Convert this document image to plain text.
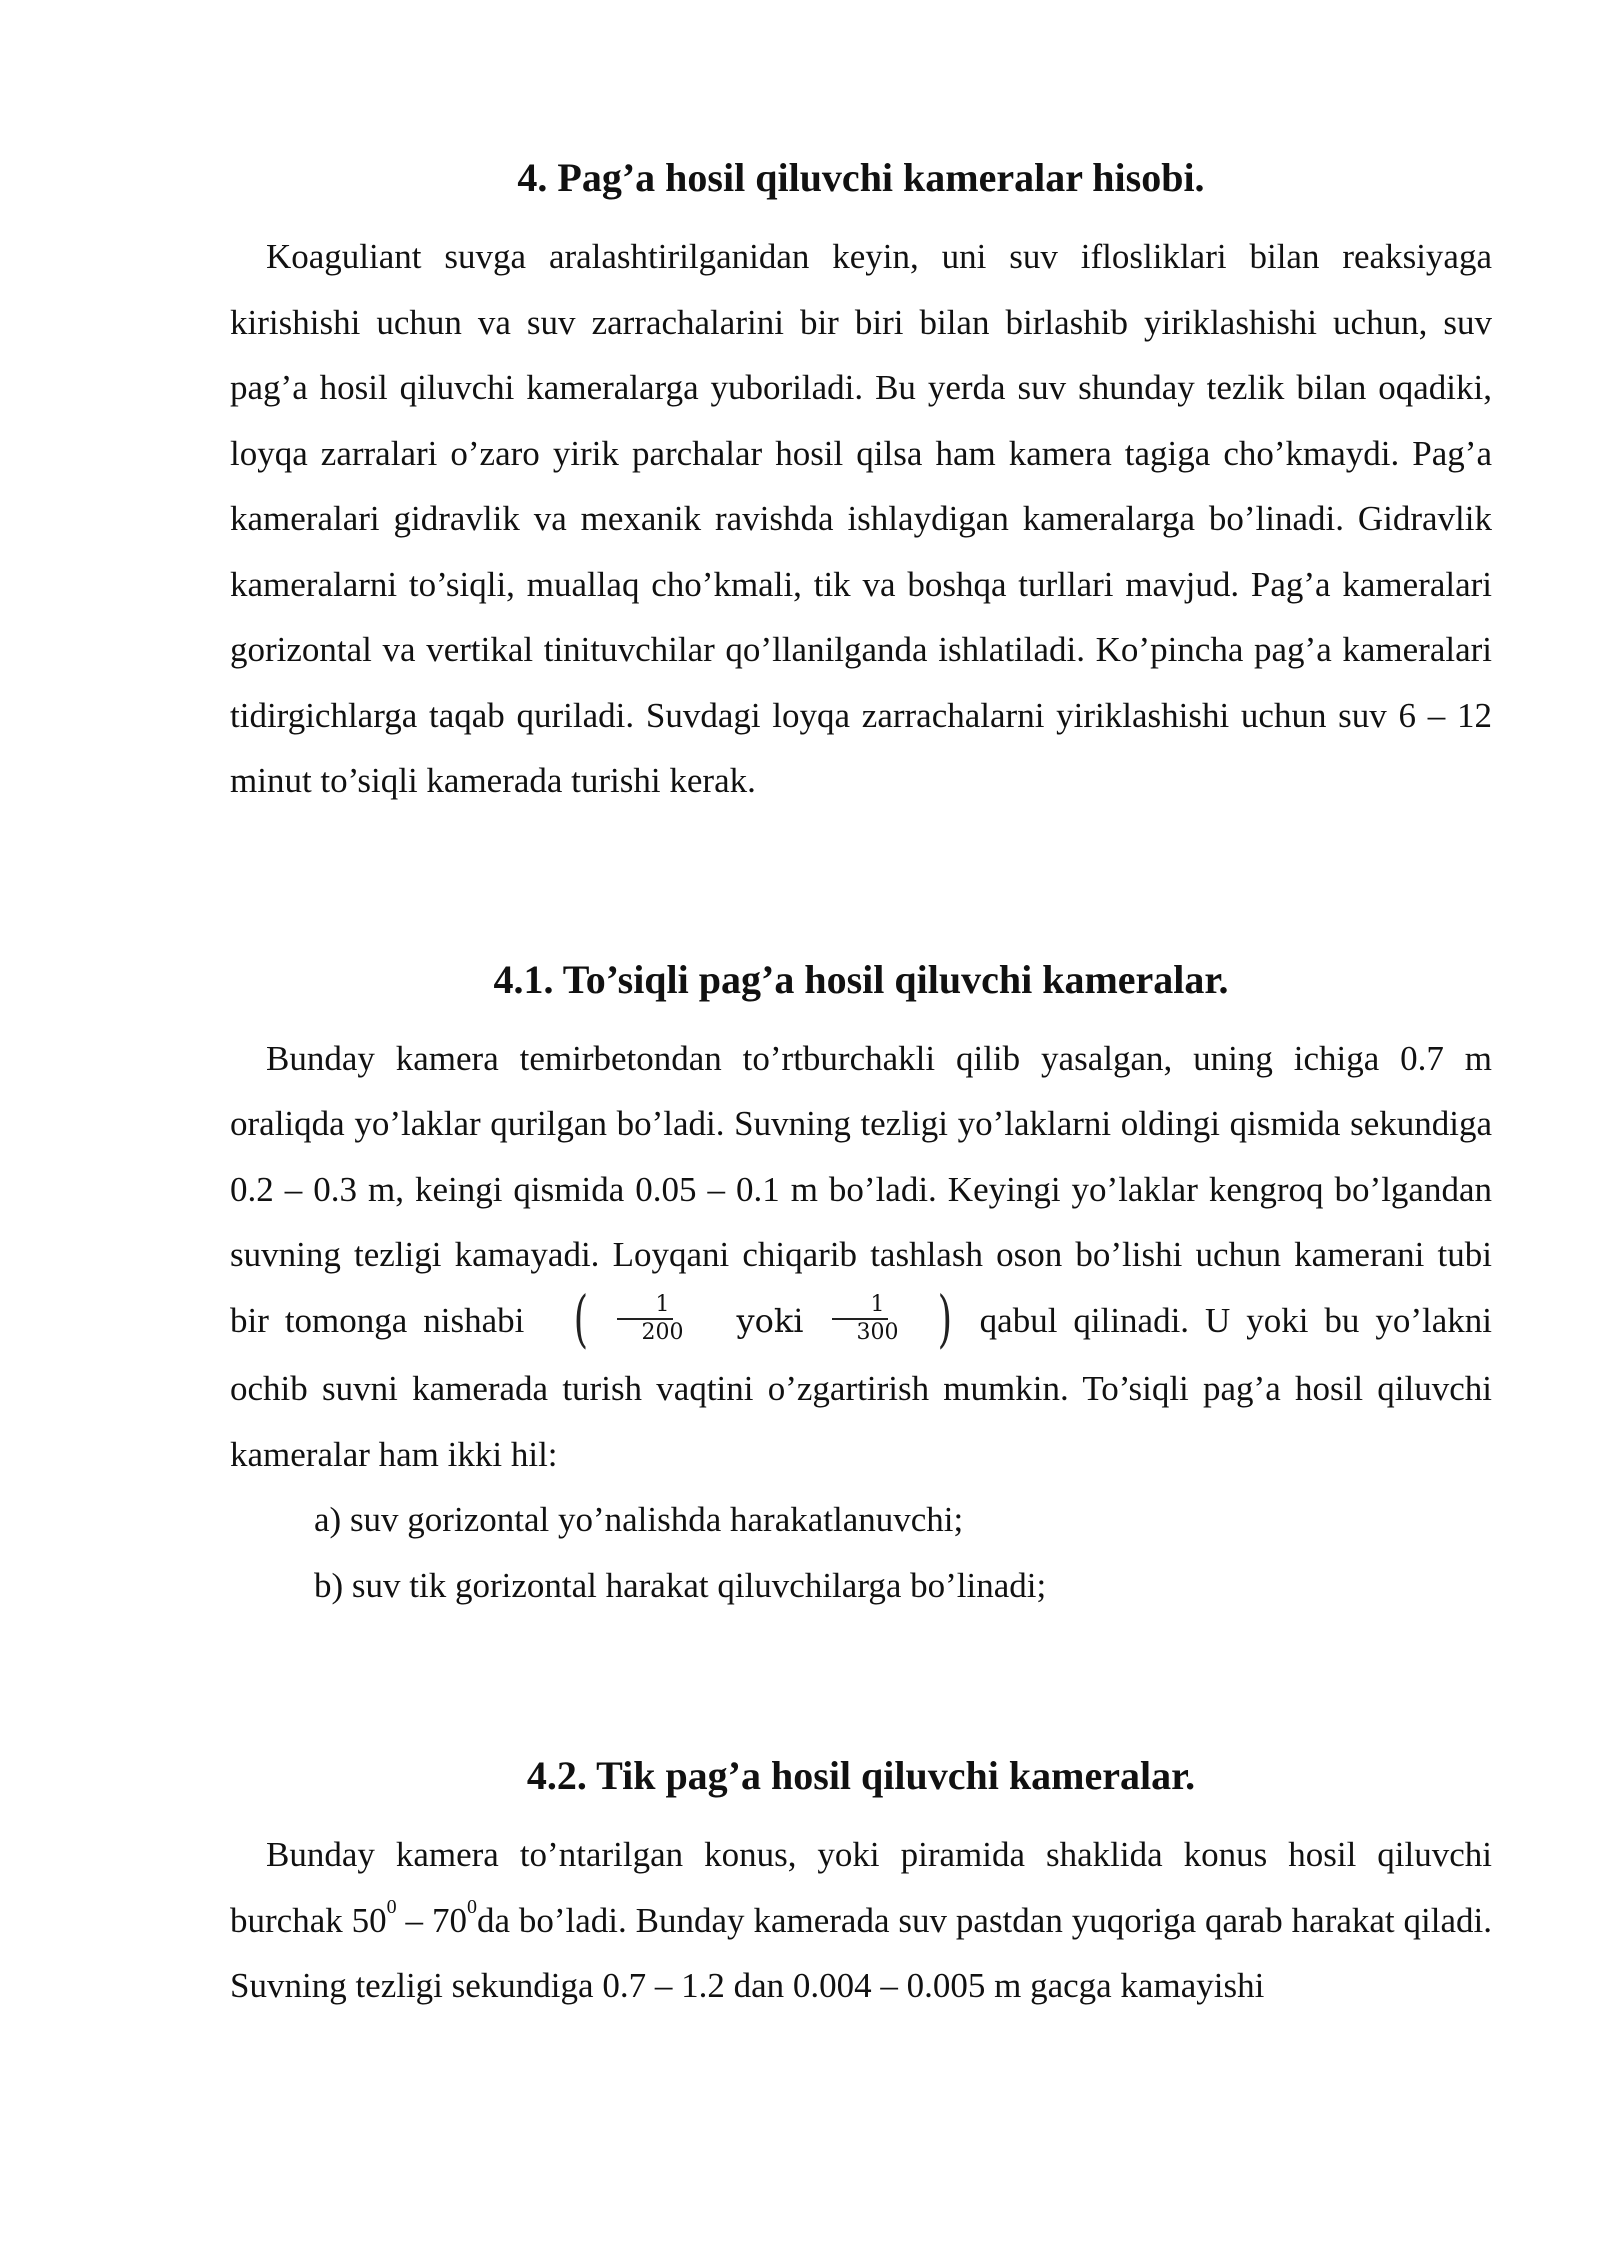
4. Pag’a hosil qiluvchi kameralar hisobi.

Koaguliant suvga aralashtirilganidan keyin, uni suv iflosliklari bilan reaksiyaga kirishishi uchun va suv zarrachalarini bir biri bilan birlashib yiriklashishi uchun, suv pag’a hosil qiluvchi kameralarga yuboriladi. Bu yerda suv shunday tezlik bilan oqadiki, loyqa zarralari o’zaro yirik parchalar hosil qilsa ham kamera tagiga cho’kmaydi. Pag’a kameralari gidravlik va mexanik ravishda ishlaydigan kameralarga bo’linadi. Gidravlik kameralarni to’siqli, muallaq cho’kmali, tik va boshqa turllari mavjud. Pag’a kameralari gorizontal va vertikal tinituvchilar qo’llanilganda ishlatiladi. Ko’pincha pag’a kameralari tidirgichlarga taqab quriladi. Suvdagi loyqa zarrachalarni yiriklashishi uchun suv 6 – 12 minut to’siqli kamerada turishi kerak.

4.1. To’siqli pag’a hosil qiluvchi kameralar.

Bunday kamera temirbetondan to’rtburchakli qilib yasalgan, uning ichiga 0.7 m oraliqda yo’laklar qurilgan bo’ladi. Suvning tezligi yo’laklarni oldingi qismida sekundiga 0.2 – 0.3 m, keingi qismida 0.05 – 0.1 m bo’ladi. Keyingi yo’laklar kengroq bo’lgandan suvning tezligi kamayadi. Loyqani chiqarib tashlash oson bo’lishi uchun kamerani tubi bir tomonga nishabi ( $\frac{1}{200}$	yoki $\frac{1}{300}$ ) qabul qilinadi. U yoki bu yo’lakni ochib suvni kamerada turish vaqtini o’zgartirish mumkin. To’siqli pag’a hosil qiluvchi kameralar ham ikki hil:

a) suv gorizontal yo’nalishda harakatlanuvchi;
b) suv tik gorizontal harakat qiluvchilarga bo’linadi;
4.2. Tik pag’a hosil qiluvchi kameralar.

Bunday kamera to’ntarilgan konus, yoki piramida shaklida konus hosil qiluvchi burchak $50^0 - 70^0da$ bo’ladi. Bunday kamerada suv pastdan yuqoriga qarab harakat qiladi. Suvning tezligi sekundiga 0.7 – 1.2 dan 0.004 – 0.005 m gacga kamayishi
